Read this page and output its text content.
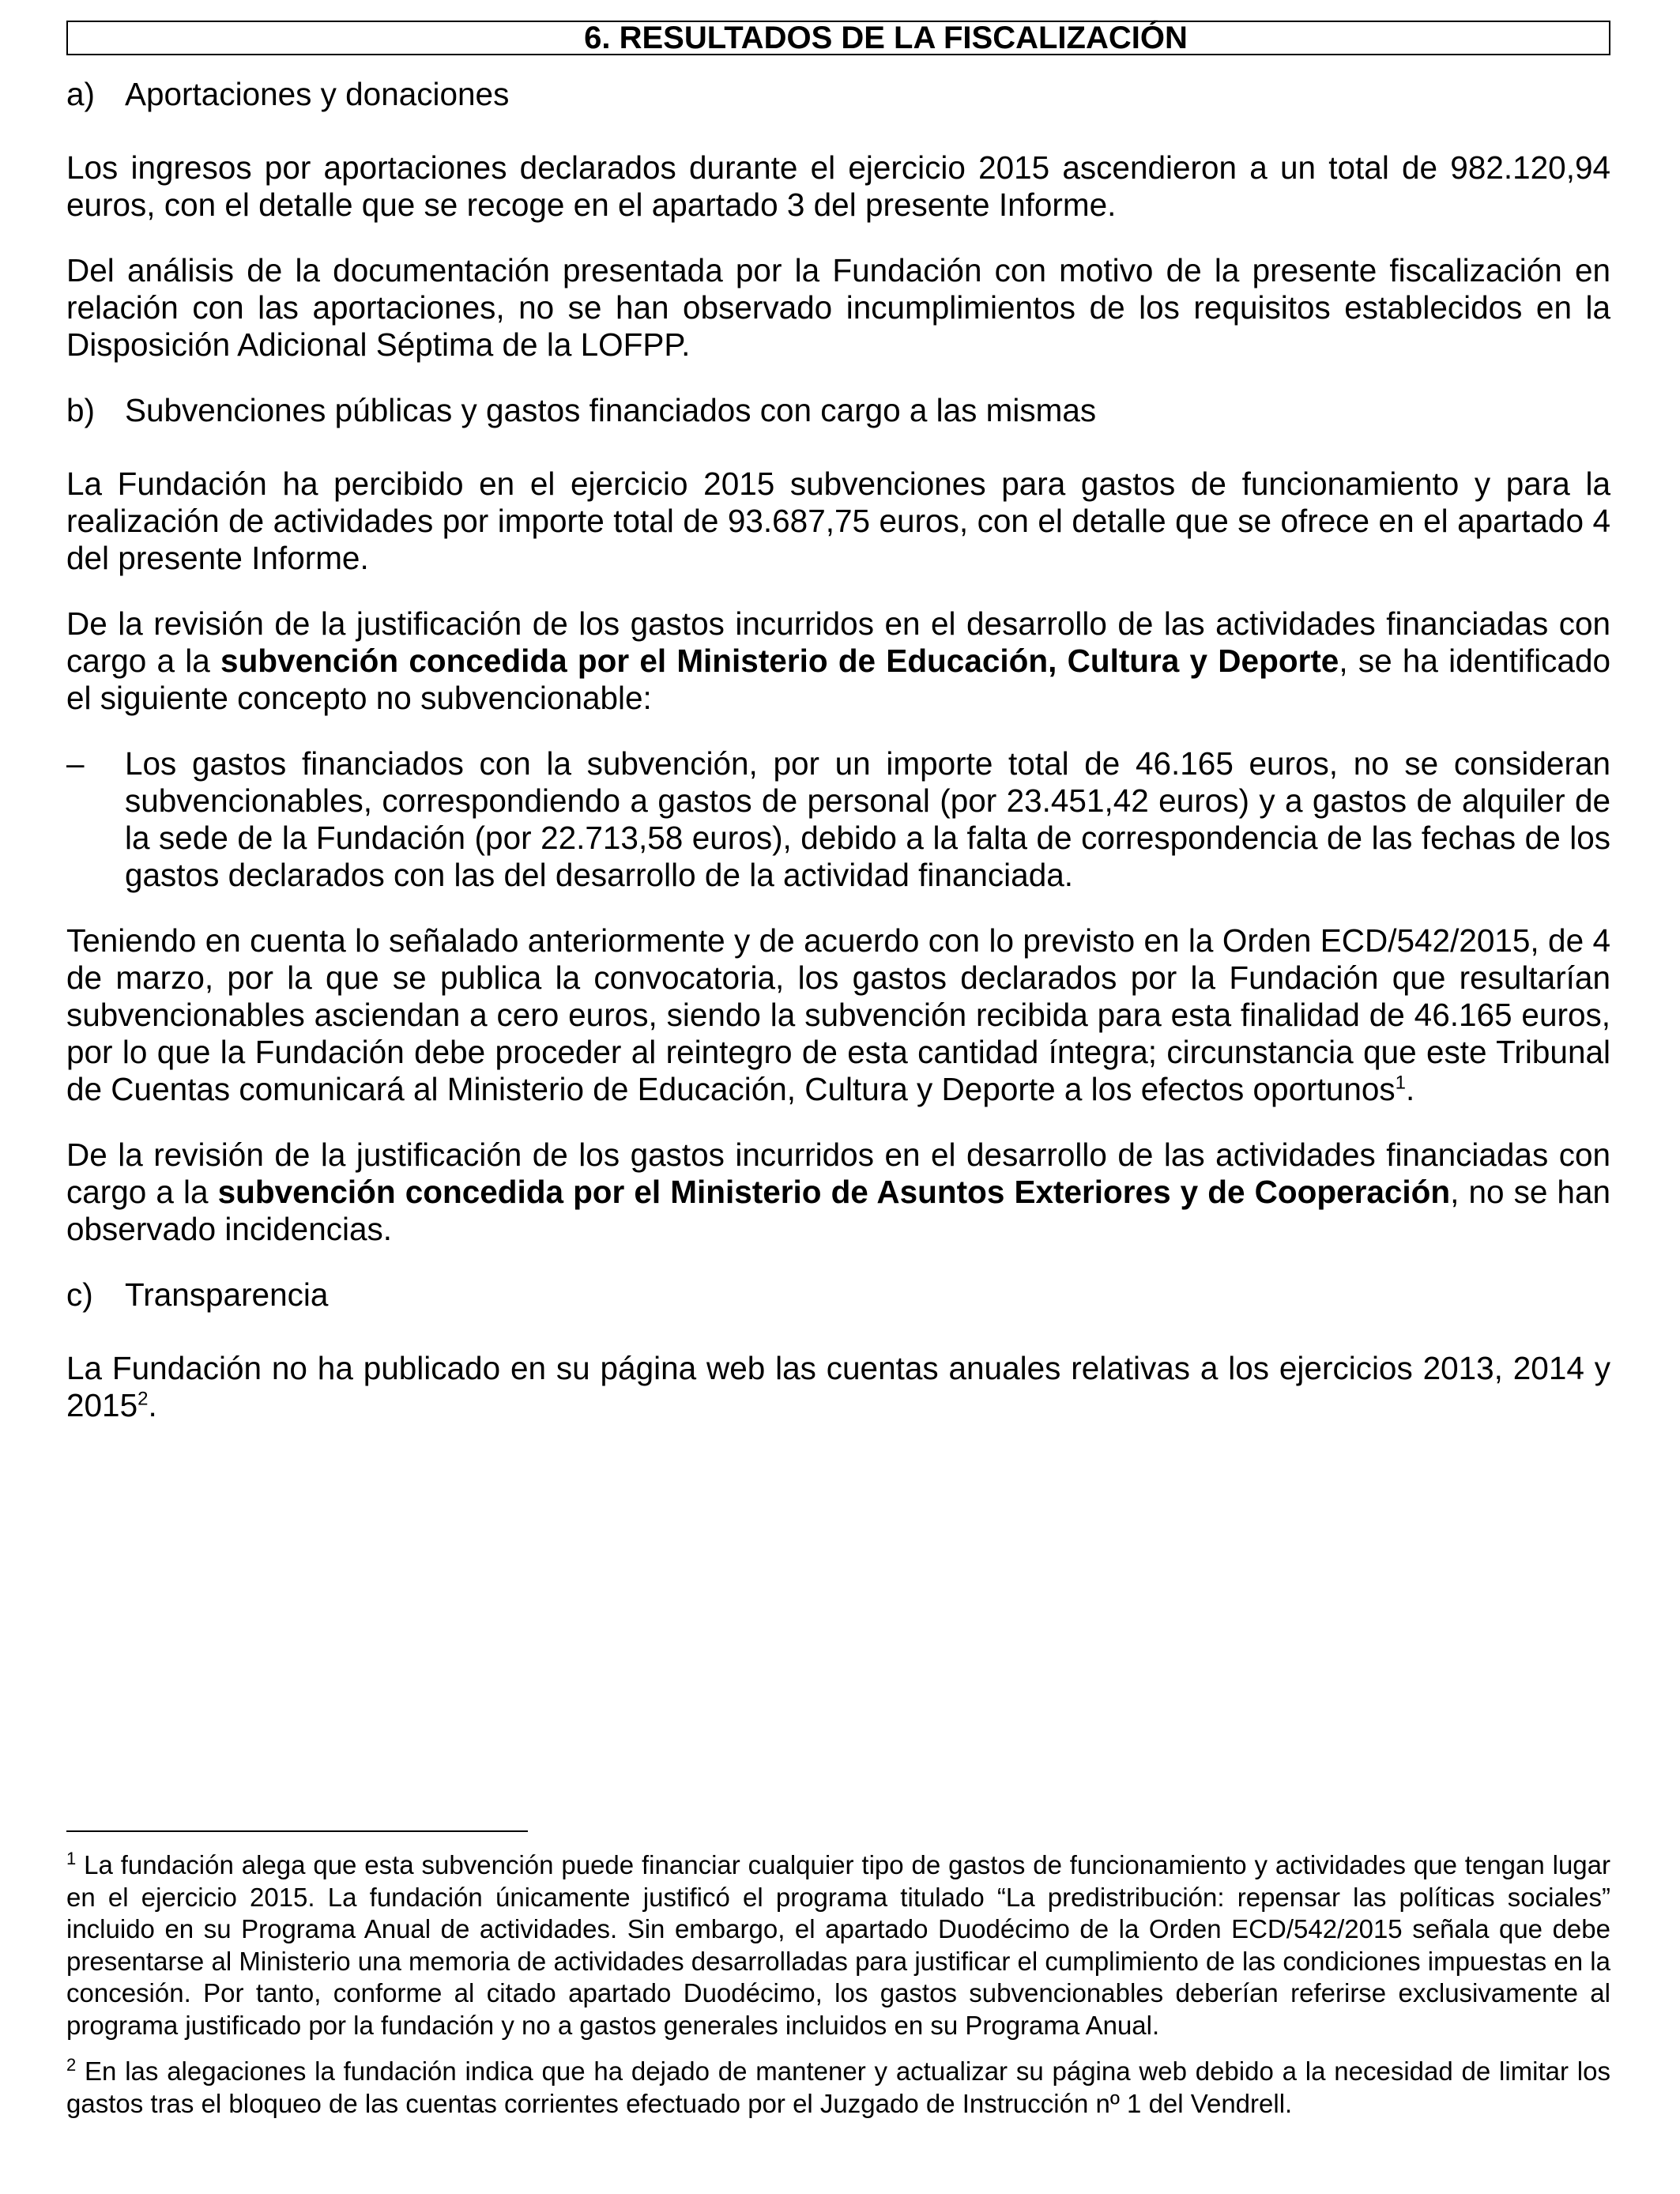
6. RESULTADOS DE LA FISCALIZACIÓN

a) Aportaciones y donaciones

Los ingresos por aportaciones declarados durante el ejercicio 2015 ascendieron a un total de 982.120,94 euros, con el detalle que se recoge en el apartado 3 del presente Informe.

Del análisis de la documentación presentada por la Fundación con motivo de la presente fiscalización en relación con las aportaciones, no se han observado incumplimientos de los requisitos establecidos en la Disposición Adicional Séptima de la LOFPP.

b) Subvenciones públicas y gastos financiados con cargo a las mismas

La Fundación ha percibido en el ejercicio 2015 subvenciones para gastos de funcionamiento y para la realización de actividades por importe total de 93.687,75 euros, con el detalle que se ofrece en el apartado 4 del presente Informe.

De la revisión de la justificación de los gastos incurridos en el desarrollo de las actividades financiadas con cargo a la subvención concedida por el Ministerio de Educación, Cultura y Deporte, se ha identificado el siguiente concepto no subvencionable:

– Los gastos financiados con la subvención, por un importe total de 46.165 euros, no se consideran subvencionables, correspondiendo a gastos de personal (por 23.451,42 euros) y a gastos de alquiler de la sede de la Fundación (por 22.713,58 euros), debido a la falta de correspondencia de las fechas de los gastos declarados con las del desarrollo de la actividad financiada.

Teniendo en cuenta lo señalado anteriormente y de acuerdo con lo previsto en la Orden ECD/542/2015, de 4 de marzo, por la que se publica la convocatoria, los gastos declarados por la Fundación que resultarían subvencionables asciendan a cero euros, siendo la subvención recibida para esta finalidad de 46.165 euros, por lo que la Fundación debe proceder al reintegro de esta cantidad íntegra; circunstancia que este Tribunal de Cuentas comunicará al Ministerio de Educación, Cultura y Deporte a los efectos oportunos$^1$.

De la revisión de la justificación de los gastos incurridos en el desarrollo de las actividades financiadas con cargo a la subvención concedida por el Ministerio de Asuntos Exteriores y de Cooperación, no se han observado incidencias.

c) Transparencia

La Fundación no ha publicado en su página web las cuentas anuales relativas a los ejercicios 2013, 2014 y 2015$^2$.

$^1$ La fundación alega que esta subvención puede financiar cualquier tipo de gastos de funcionamiento y actividades que tengan lugar en el ejercicio 2015. La fundación únicamente justificó el programa titulado “La predistribución: repensar las políticas sociales” incluido en su Programa Anual de actividades. Sin embargo, el apartado Duodécimo de la Orden ECD/542/2015 señala que debe presentarse al Ministerio una memoria de actividades desarrolladas para justificar el cumplimiento de las condiciones impuestas en la concesión. Por tanto, conforme al citado apartado Duodécimo, los gastos subvencionables deberían referirse exclusivamente al programa justificado por la fundación y no a gastos generales incluidos en su Programa Anual.

$^2$ En las alegaciones la fundación indica que ha dejado de mantener y actualizar su página web debido a la necesidad de limitar los gastos tras el bloqueo de las cuentas corrientes efectuado por el Juzgado de Instrucción nº 1 del Vendrell.
